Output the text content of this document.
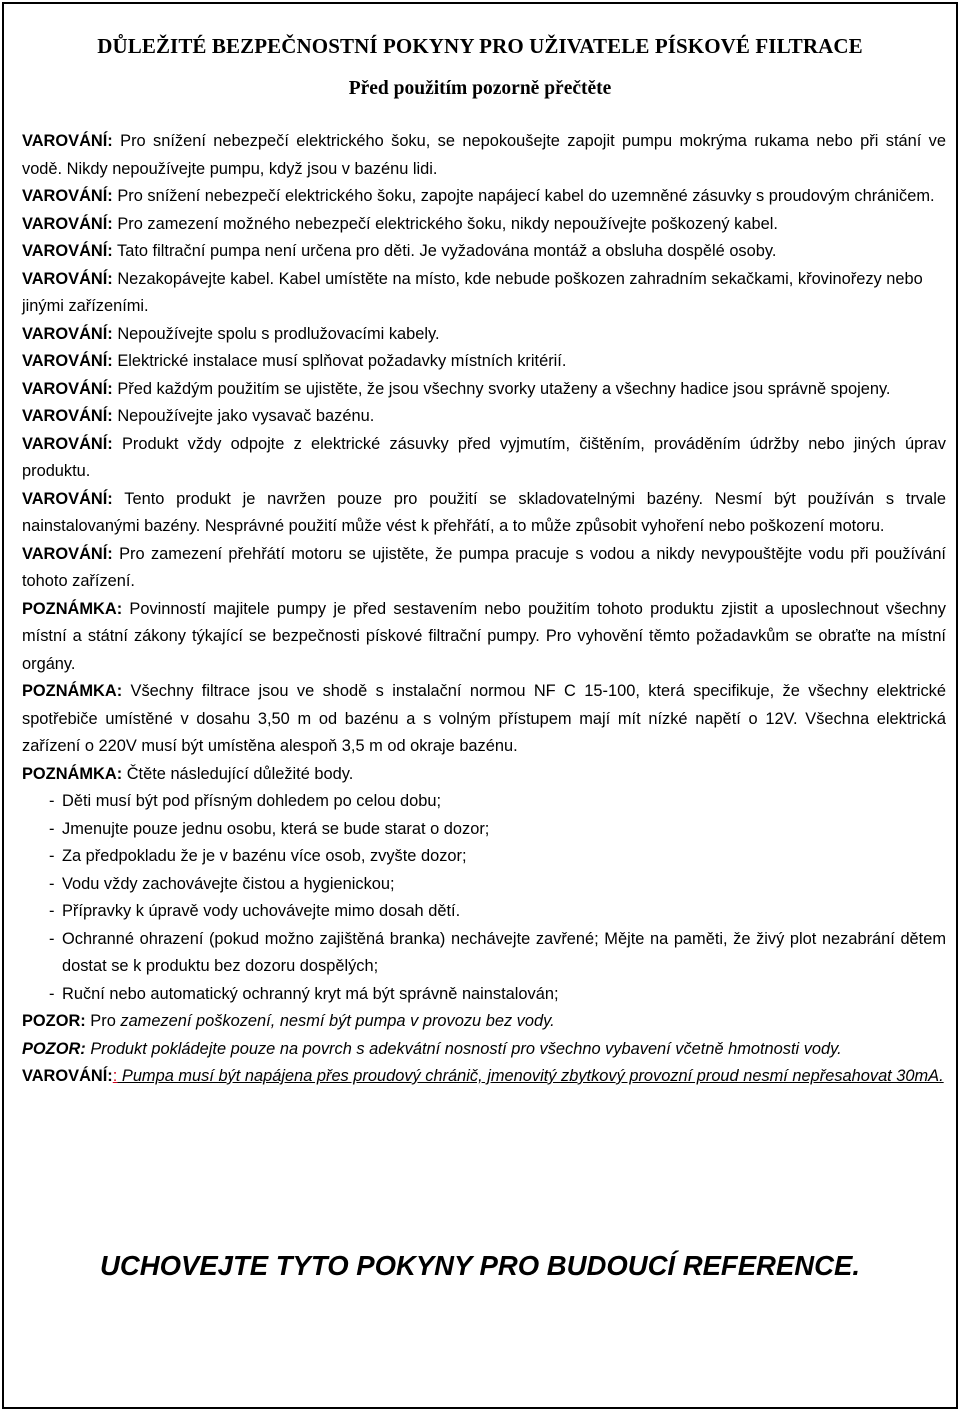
DŮLEŽITÉ BEZPEČNOSTNÍ POKYNY PRO UŽIVATELE PÍSKOVÉ FILTRACE
Před použitím pozorně přečtěte

VAROVÁNÍ: Pro snížení nebezpečí elektrického šoku, se nepokoušejte zapojit pumpu mokrýma rukama nebo při stání ve vodě. Nikdy nepoužívejte pumpu, když jsou v bazénu lidi.

VAROVÁNÍ: Pro snížení nebezpečí elektrického šoku, zapojte napájecí kabel do uzemněné zásuvky s proudovým chráničem.

VAROVÁNÍ: Pro zamezení možného nebezpečí elektrického šoku, nikdy nepoužívejte poškozený kabel.

VAROVÁNÍ: Tato filtrační pumpa není určena pro děti. Je vyžadována montáž a obsluha dospělé osoby.

VAROVÁNÍ: Nezakopávejte kabel. Kabel umístěte na místo, kde nebude poškozen zahradním sekačkami, křovinořezy nebo jinými zařízeními.

VAROVÁNÍ: Nepoužívejte spolu s prodlužovacími kabely.

VAROVÁNÍ: Elektrické instalace musí splňovat požadavky místních kritérií.

VAROVÁNÍ: Před každým použitím se ujistěte, že jsou všechny svorky utaženy a všechny hadice jsou správně spojeny.

VAROVÁNÍ: Nepoužívejte jako vysavač bazénu.

VAROVÁNÍ: Produkt vždy odpojte z elektrické zásuvky před vyjmutím, čištěním, prováděním údržby nebo jiných úprav produktu.

VAROVÁNÍ: Tento produkt je navržen pouze pro použití se skladovatelnými bazény. Nesmí být používán s trvale nainstalovanými bazény. Nesprávné použití může vést k přehřátí, a to může způsobit vyhoření nebo poškození motoru.

VAROVÁNÍ: Pro zamezení přehřátí motoru se ujistěte, že pumpa pracuje s vodou a nikdy nevypouštějte vodu při používání tohoto zařízení.

POZNÁMKA: Povinností majitele pumpy je před sestavením nebo použitím tohoto produktu zjistit a uposlechnout všechny místní a státní zákony týkající se bezpečnosti pískové filtrační pumpy. Pro vyhovění těmto požadavkům se obraťte na místní orgány.

POZNÁMKA: Všechny filtrace jsou ve shodě s instalační normou NF C 15-100, která specifikuje, že všechny elektrické spotřebiče umístěné v dosahu 3,50 m od bazénu a s volným přístupem mají mít nízké napětí o 12V. Všechna elektrická zařízení o 220V musí být umístěna alespoň 3,5 m od okraje bazénu.

POZNÁMKA: Čtěte následující důležité body.

- Děti musí být pod přísným dohledem po celou dobu;
- Jmenujte pouze jednu osobu, která se bude starat o dozor;
- Za předpokladu že je v bazénu více osob, zvyšte dozor;
- Vodu vždy zachovávejte čistou a hygienickou;
- Přípravky k úpravě vody uchovávejte mimo dosah dětí.
- Ochranné ohrazení (pokud možno zajištěná branka) nechávejte zavřené; Mějte na paměti, že živý plot nezabrání dětem dostat se k produktu bez dozoru dospělých;
- Ruční nebo automatický ochranný kryt má být správně nainstalován;

POZOR: Pro zamezení poškození, nesmí být pumpa v provozu bez vody.

POZOR: Produkt pokládejte pouze na povrch s adekvátní nosností pro všechno vybavení včetně hmotnosti vody.

VAROVÁNÍ:: Pumpa musí být napájena přes proudový chránič, jmenovitý zbytkový provozní proud nesmí nepřesahovat 30mA.

UCHOVEJTE TYTO POKYNY PRO BUDOUCÍ REFERENCE.
